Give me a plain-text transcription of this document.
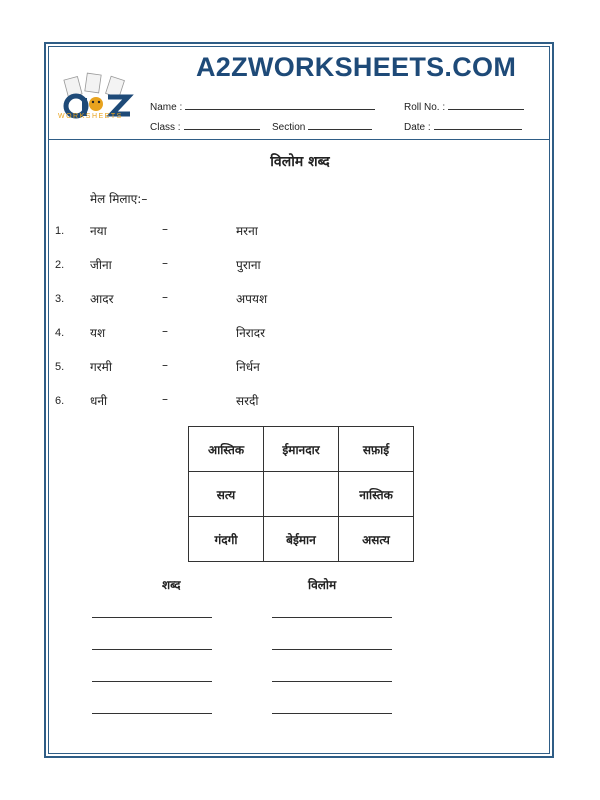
WORKSHEETS
A2ZWORKSHEETS.COM
Name :	Roll No. :
Class :	Section	Date :
विलोम शब्द
मेल मिलाए:–
1. नया	–	मरना
2. जीना	–	पुराना
3. आदर	–	अपयश
4. यश	–	निरादर
5. गरमी	–	निर्धन
6. धनी	–	सरदी
आस्तिक	ईमानदार	सफ़ाई
सत्य		नास्तिक
गंदगी	बेईमान	असत्य
शब्द	विलोम
